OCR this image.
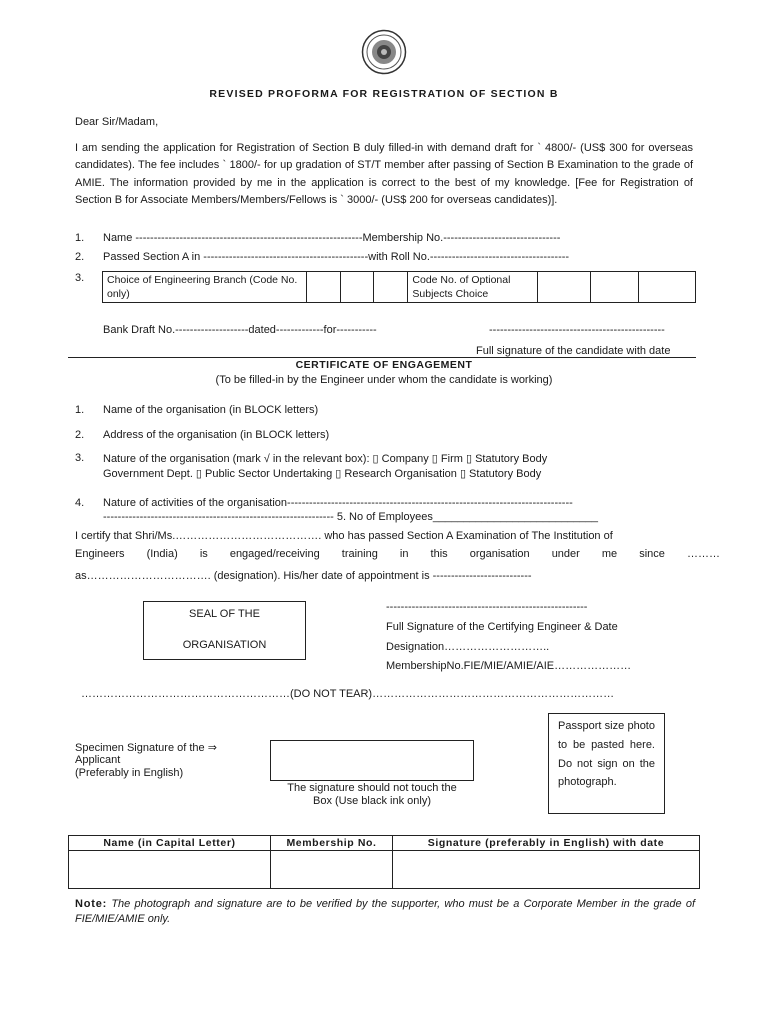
REVISED PROFORMA FOR REGISTRATION OF SECTION B
Dear Sir/Madam,
I am sending the application for Registration of Section B duly filled-in with demand draft for ` 4800/- (US$ 300 for overseas candidates). The fee includes ` 1800/- for up gradation of ST/T member after passing of Section B Examination to the grade of AMIE. The information provided by me in the application is correct to the best of my knowledge. [Fee for Registration of Section B for Associate Members/Members/Fellows is ` 3000/- (US$ 200 for overseas candidates)].
1. Name --------------------------------------------------------------Membership No.--------------------------------
2. Passed Section A in ---------------------------------------------with Roll No.--------------------------------------
3. Choice of Engineering Branch (Code No. only)				Code No. of Optional Subjects Choice			
Bank Draft No.--------------------dated-------------for-----------	------------------------------------------------
Full signature of the candidate with date
CERTIFICATE OF ENGAGEMENT
(To be filled-in by the Engineer under whom the candidate is working)
1. Name of the organisation (in BLOCK letters)
2. Address of the organisation (in BLOCK letters)
3. Nature of the organisation (mark √ in the relevant box): ▯ Company ▯ Firm ▯ Statutory Body
Government Dept. ▯ Public Sector Undertaking ▯ Research Organisation ▯ Statutory Body
4. Nature of activities of the organisation------------------------------------------------------------------------------
--------------------------------------------------------------- 5. No of Employees___________________________
I certify that Shri/Ms.…………………………………. who has passed Section A Examination of The Institution of
Engineers (India) is engaged/receiving training in this organisation under me since ………
as……………………………. (designation). His/her date of appointment is ---------------------------
SEAL OF THE
ORGANISATION
-------------------------------------------------------
Full Signature of the Certifying Engineer & Date
Designation………………………..
MembershipNo.FIE/MIE/AMIE/AIE…………………
…………………………………………………(DO NOT TEAR)…………………………………………………………
Specimen Signature of the ⇒
Applicant
(Preferably in English)
The signature should not touch the
Box (Use black ink only)
Passport size photo to be pasted here. Do not sign on the photograph.
Name (in Capital Letter)	Membership No.	Signature (preferably in English) with date

Note: The photograph and signature are to be verified by the supporter, who must be a Corporate Member in the grade of FIE/MIE/AMIE only.
